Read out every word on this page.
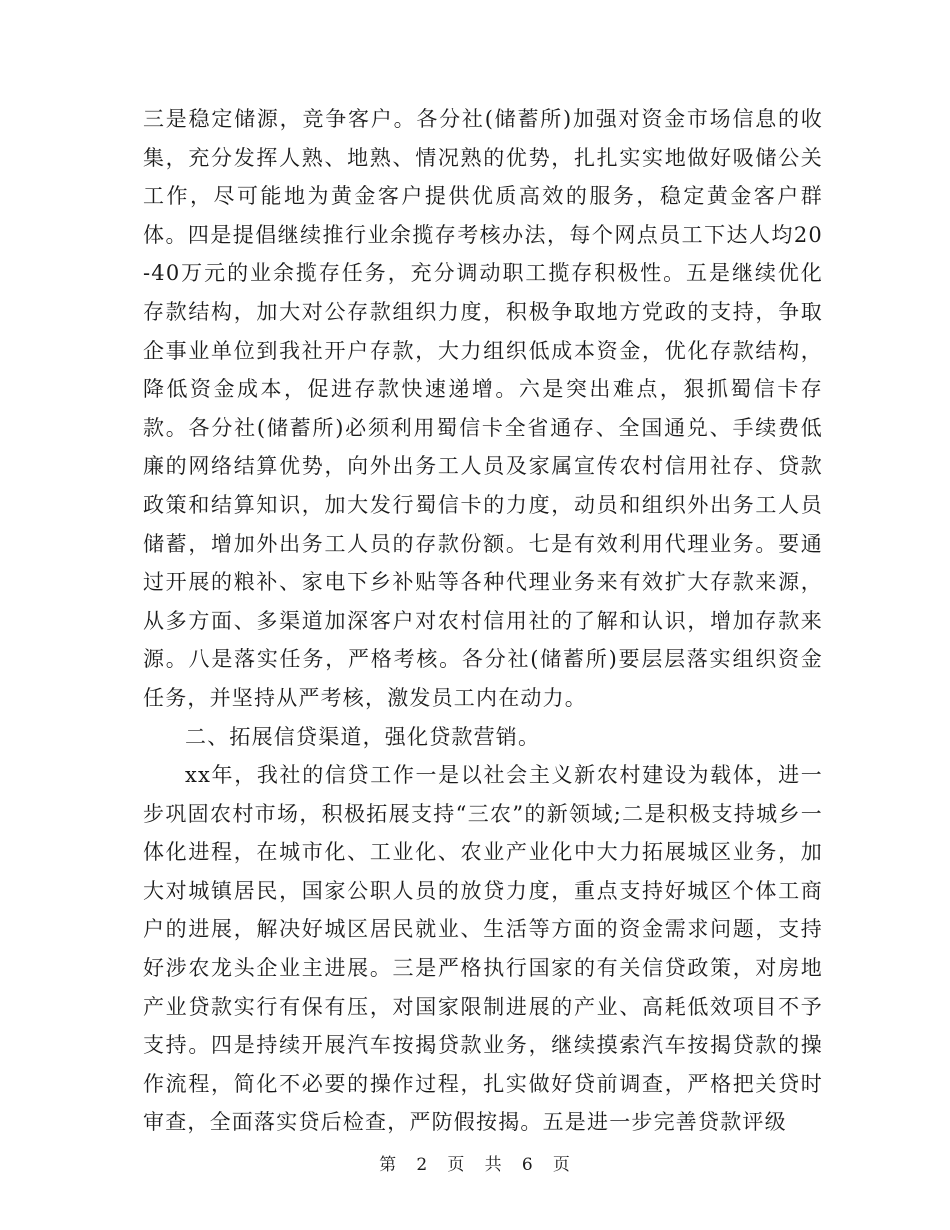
三是稳定储源，竞争客户。各分社(储蓄所)加强对资金市场信息的收集，充分发挥人熟、地熟、情况熟的优势，扎扎实实地做好吸储公关工作，尽可能地为黄金客户提供优质高效的服务，稳定黄金客户群体。四是提倡继续推行业余揽存考核办法，每个网点员工下达人均20-40万元的业余揽存任务，充分调动职工揽存积极性。五是继续优化存款结构，加大对公存款组织力度，积极争取地方党政的支持，争取企事业单位到我社开户存款，大力组织低成本资金，优化存款结构，降低资金成本，促进存款快速递增。六是突出难点，狠抓蜀信卡存款。各分社(储蓄所)必须利用蜀信卡全省通存、全国通兑、手续费低廉的网络结算优势，向外出务工人员及家属宣传农村信用社存、贷款政策和结算知识，加大发行蜀信卡的力度，动员和组织外出务工人员储蓄，增加外出务工人员的存款份额。七是有效利用代理业务。要通过开展的粮补、家电下乡补贴等各种代理业务来有效扩大存款来源，从多方面、多渠道加深客户对农村信用社的了解和认识，增加存款来源。八是落实任务，严格考核。各分社(储蓄所)要层层落实组织资金任务，并坚持从严考核，激发员工内在动力。

二、拓展信贷渠道，强化贷款营销。

xx年，我社的信贷工作一是以社会主义新农村建设为载体，进一步巩固农村市场，积极拓展支持“三农”的新领域;二是积极支持城乡一体化进程，在城市化、工业化、农业产业化中大力拓展城区业务，加大对城镇居民，国家公职人员的放贷力度，重点支持好城区个体工商户的进展，解决好城区居民就业、生活等方面的资金需求问题，支持好涉农龙头企业主进展。三是严格执行国家的有关信贷政策，对房地产业贷款实行有保有压，对国家限制进展的产业、高耗低效项目不予支持。四是持续开展汽车按揭贷款业务，继续摸索汽车按揭贷款的操作流程，简化不必要的操作过程，扎实做好贷前调查，严格把关贷时审查，全面落实贷后检查，严防假按揭。五是进一步完善贷款评级

第 2 页 共 6 页
